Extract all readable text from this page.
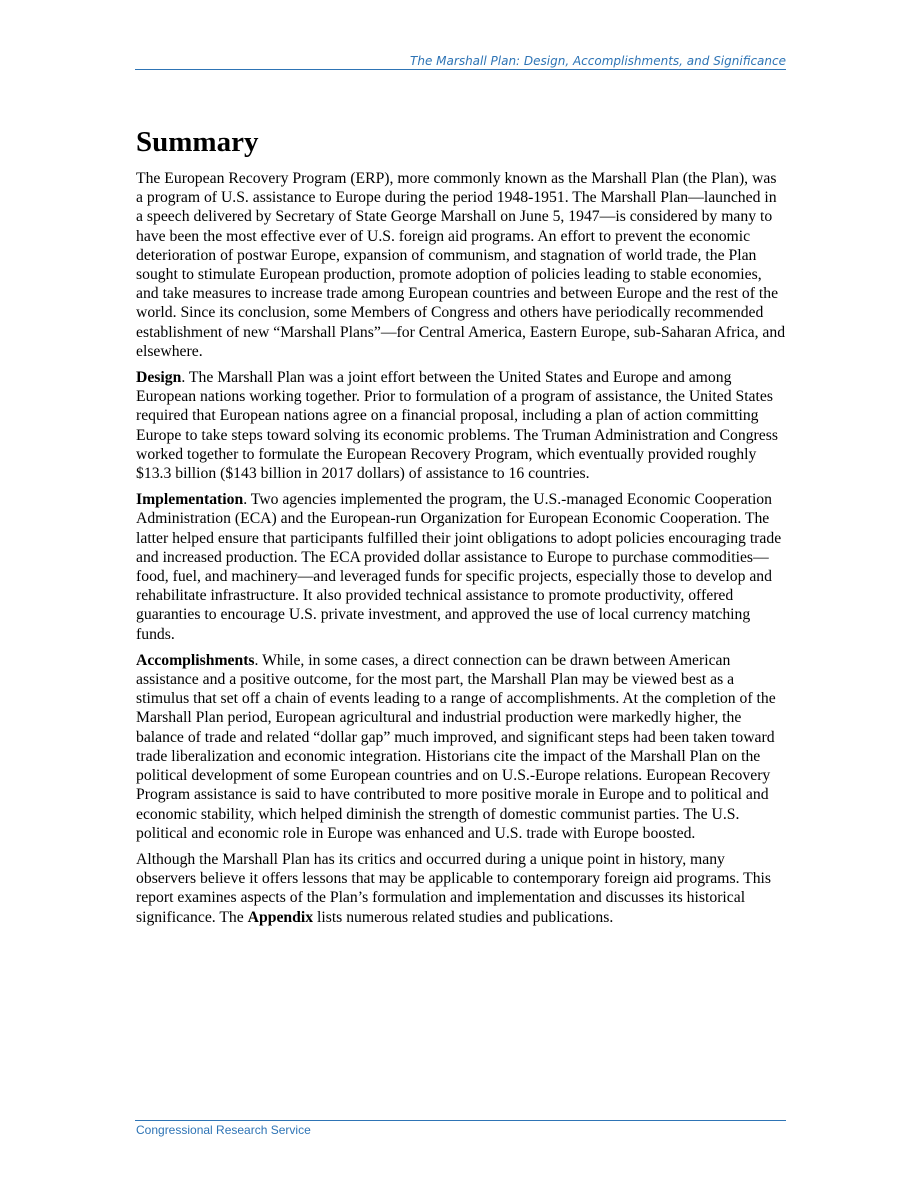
The Marshall Plan: Design, Accomplishments, and Significance
Summary

The European Recovery Program (ERP), more commonly known as the Marshall Plan (the Plan), was a program of U.S. assistance to Europe during the period 1948-1951. The Marshall Plan—launched in a speech delivered by Secretary of State George Marshall on June 5, 1947—is considered by many to have been the most effective ever of U.S. foreign aid programs. An effort to prevent the economic deterioration of postwar Europe, expansion of communism, and stagnation of world trade, the Plan sought to stimulate European production, promote adoption of policies leading to stable economies, and take measures to increase trade among European countries and between Europe and the rest of the world. Since its conclusion, some Members of Congress and others have periodically recommended establishment of new “Marshall Plans”—for Central America, Eastern Europe, sub-Saharan Africa, and elsewhere.

Design. The Marshall Plan was a joint effort between the United States and Europe and among European nations working together. Prior to formulation of a program of assistance, the United States required that European nations agree on a financial proposal, including a plan of action committing Europe to take steps toward solving its economic problems. The Truman Administration and Congress worked together to formulate the European Recovery Program, which eventually provided roughly $13.3 billion ($143 billion in 2017 dollars) of assistance to 16 countries.

Implementation. Two agencies implemented the program, the U.S.-managed Economic Cooperation Administration (ECA) and the European-run Organization for European Economic Cooperation. The latter helped ensure that participants fulfilled their joint obligations to adopt policies encouraging trade and increased production. The ECA provided dollar assistance to Europe to purchase commodities—food, fuel, and machinery—and leveraged funds for specific projects, especially those to develop and rehabilitate infrastructure. It also provided technical assistance to promote productivity, offered guaranties to encourage U.S. private investment, and approved the use of local currency matching funds.

Accomplishments. While, in some cases, a direct connection can be drawn between American assistance and a positive outcome, for the most part, the Marshall Plan may be viewed best as a stimulus that set off a chain of events leading to a range of accomplishments. At the completion of the Marshall Plan period, European agricultural and industrial production were markedly higher, the balance of trade and related “dollar gap” much improved, and significant steps had been taken toward trade liberalization and economic integration. Historians cite the impact of the Marshall Plan on the political development of some European countries and on U.S.-Europe relations. European Recovery Program assistance is said to have contributed to more positive morale in Europe and to political and economic stability, which helped diminish the strength of domestic communist parties. The U.S. political and economic role in Europe was enhanced and U.S. trade with Europe boosted.

Although the Marshall Plan has its critics and occurred during a unique point in history, many observers believe it offers lessons that may be applicable to contemporary foreign aid programs. This report examines aspects of the Plan’s formulation and implementation and discusses its historical significance. The Appendix lists numerous related studies and publications.

Congressional Research Service
